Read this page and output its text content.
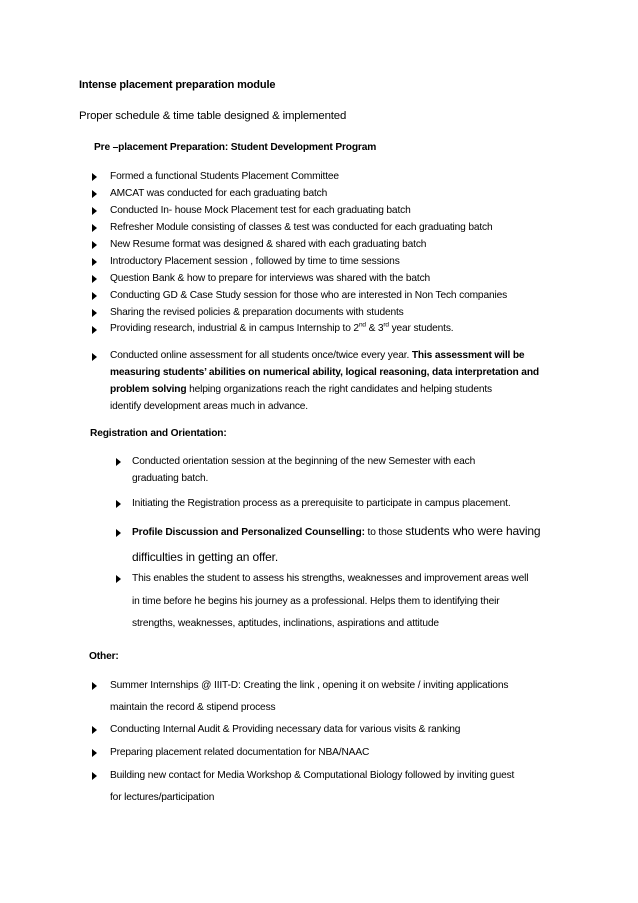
Intense placement preparation module
Proper schedule & time table designed & implemented
Pre –placement Preparation: Student Development Program
Formed a functional Students Placement Committee
AMCAT was conducted for each graduating batch
Conducted In- house Mock Placement test for each graduating batch
Refresher Module consisting of classes & test was conducted for each graduating batch
New Resume format was designed & shared with each graduating batch
Introductory Placement session , followed by time to time sessions
Question Bank & how to prepare for interviews was shared with the batch
Conducting GD & Case Study session for those who are interested in Non Tech companies
Sharing the revised policies & preparation documents with students
Providing research, industrial & in campus Internship to 2nd & 3rd year students.
Conducted online assessment for all students once/twice every year. This assessment will be
measuring students’ abilities on numerical ability, logical reasoning, data interpretation and
problem solving helping organizations reach the right candidates and helping students
identify development areas much in advance.
Registration and Orientation:
Conducted orientation session at the beginning of the new Semester with each
graduating batch.
Initiating the Registration process as a prerequisite to participate in campus placement.
Profile Discussion and Personalized Counselling: to those students who were having
difficulties in getting an offer.
This enables the student to assess his strengths, weaknesses and improvement areas well
in time before he begins his journey as a professional. Helps them to identifying their
strengths, weaknesses, aptitudes, inclinations, aspirations and attitude
Other:
Summer Internships @ IIIT-D: Creating the link , opening it on website / inviting applications
maintain the record & stipend process
Conducting Internal Audit & Providing necessary data for various visits & ranking
Preparing placement related documentation for NBA/NAAC
Building new contact for Media Workshop & Computational Biology followed by inviting guest
for lectures/participation
